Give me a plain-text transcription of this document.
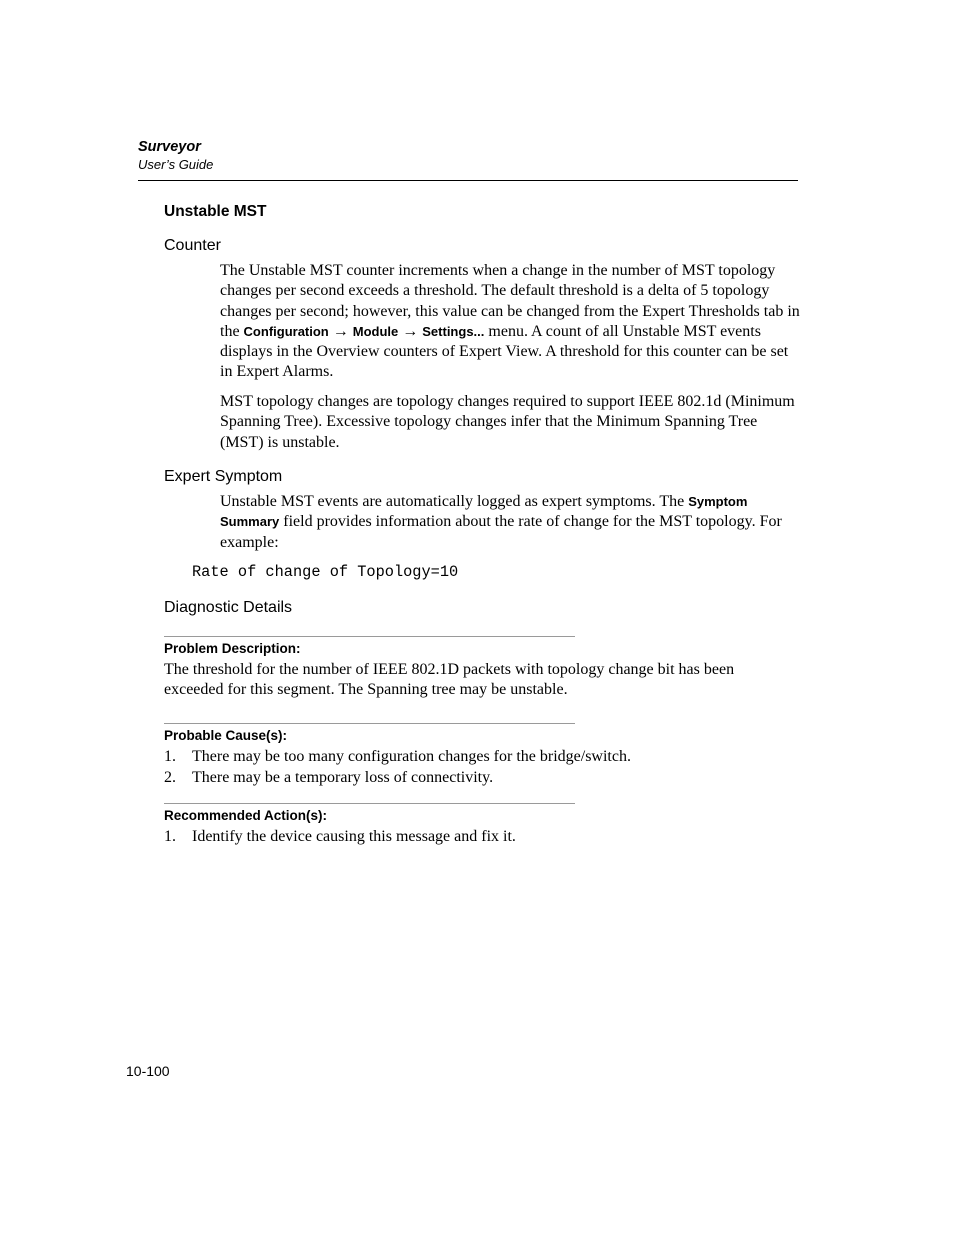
Surveyor
User’s Guide
Unstable MST
Counter
The Unstable MST counter increments when a change in the number of MST topology changes per second exceeds a threshold. The default threshold is a delta of 5 topology changes per second; however, this value can be changed from the Expert Thresholds tab in the Configuration → Module → Settings... menu. A count of all Unstable MST events displays in the Overview counters of Expert View. A threshold for this counter can be set in Expert Alarms.
MST topology changes are topology changes required to support IEEE 802.1d (Minimum Spanning Tree). Excessive topology changes infer that the Minimum Spanning Tree (MST) is unstable.
Expert Symptom
Unstable MST events are automatically logged as expert symptoms. The Symptom Summary field provides information about the rate of change for the MST topology. For example:
Rate of change of Topology=10
Diagnostic Details
Problem Description:
The threshold for the number of IEEE 802.1D packets with topology change bit has been exceeded for this segment. The Spanning tree may be unstable.
Probable Cause(s):
1. There may be too many configuration changes for the bridge/switch.
2. There may be a temporary loss of connectivity.
Recommended Action(s):
1. Identify the device causing this message and fix it.
10-100
